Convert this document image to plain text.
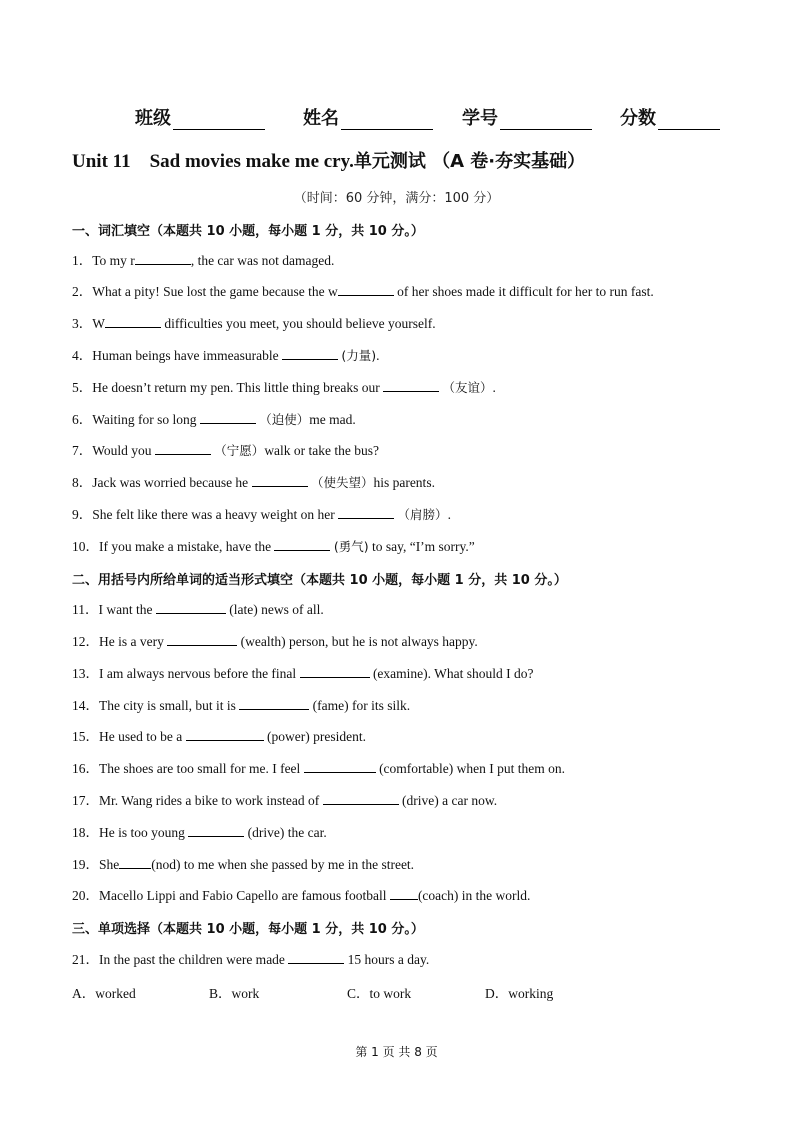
班级	姓名	学号	分数
Unit 11　Sad movies make me cry.单元测试 （A 卷·夯实基础）
（时间：60 分钟，满分：100 分）
一、词汇填空（本题共 10 小题，每小题 1 分，共 10 分。）
1．To my r	, the car was not damaged.
2．What a pity! Sue lost the game because the w	of her shoes made it difficult for her to run fast.
3．W	difficulties you meet, you should believe yourself.
4．Human beings have immeasurable	(力量).
5．He doesn’t return my pen. This little thing breaks our	（友谊）.
6．Waiting for so long	（迫使）me mad.
7．Would you	（宁愿）walk or take the bus?
8．Jack was worried because he	（使失望）his parents.
9．She felt like there was a heavy weight on her	（肩膀）.
10．If you make a mistake, have the	(勇气) to say, “I’m sorry.”
二、用括号内所给单词的适当形式填空（本题共 10 小题，每小题 1 分，共 10 分。）
11．I want the	(late) news of all.
12．He is a very	(wealth) person, but he is not always happy.
13．I am always nervous before the final	(examine). What should I do?
14．The city is small, but it is	(fame) for its silk.
15．He used to be a	(power) president.
16．The shoes are too small for me. I feel	(comfortable) when I put them on.
17．Mr. Wang rides a bike to work instead of	(drive) a car now.
18．He is too young	(drive) the car.
19．She (nod) to me when she passed by me in the street.
20．Macello Lippi and Fabio Capello are famous football (coach) in the world.
三、单项选择（本题共 10 小题，每小题 1 分，共 10 分。）
21．In the past the children were made	15 hours a day.
A．worked	B．work	C．to work	D．working
第 1 页 共 8 页
